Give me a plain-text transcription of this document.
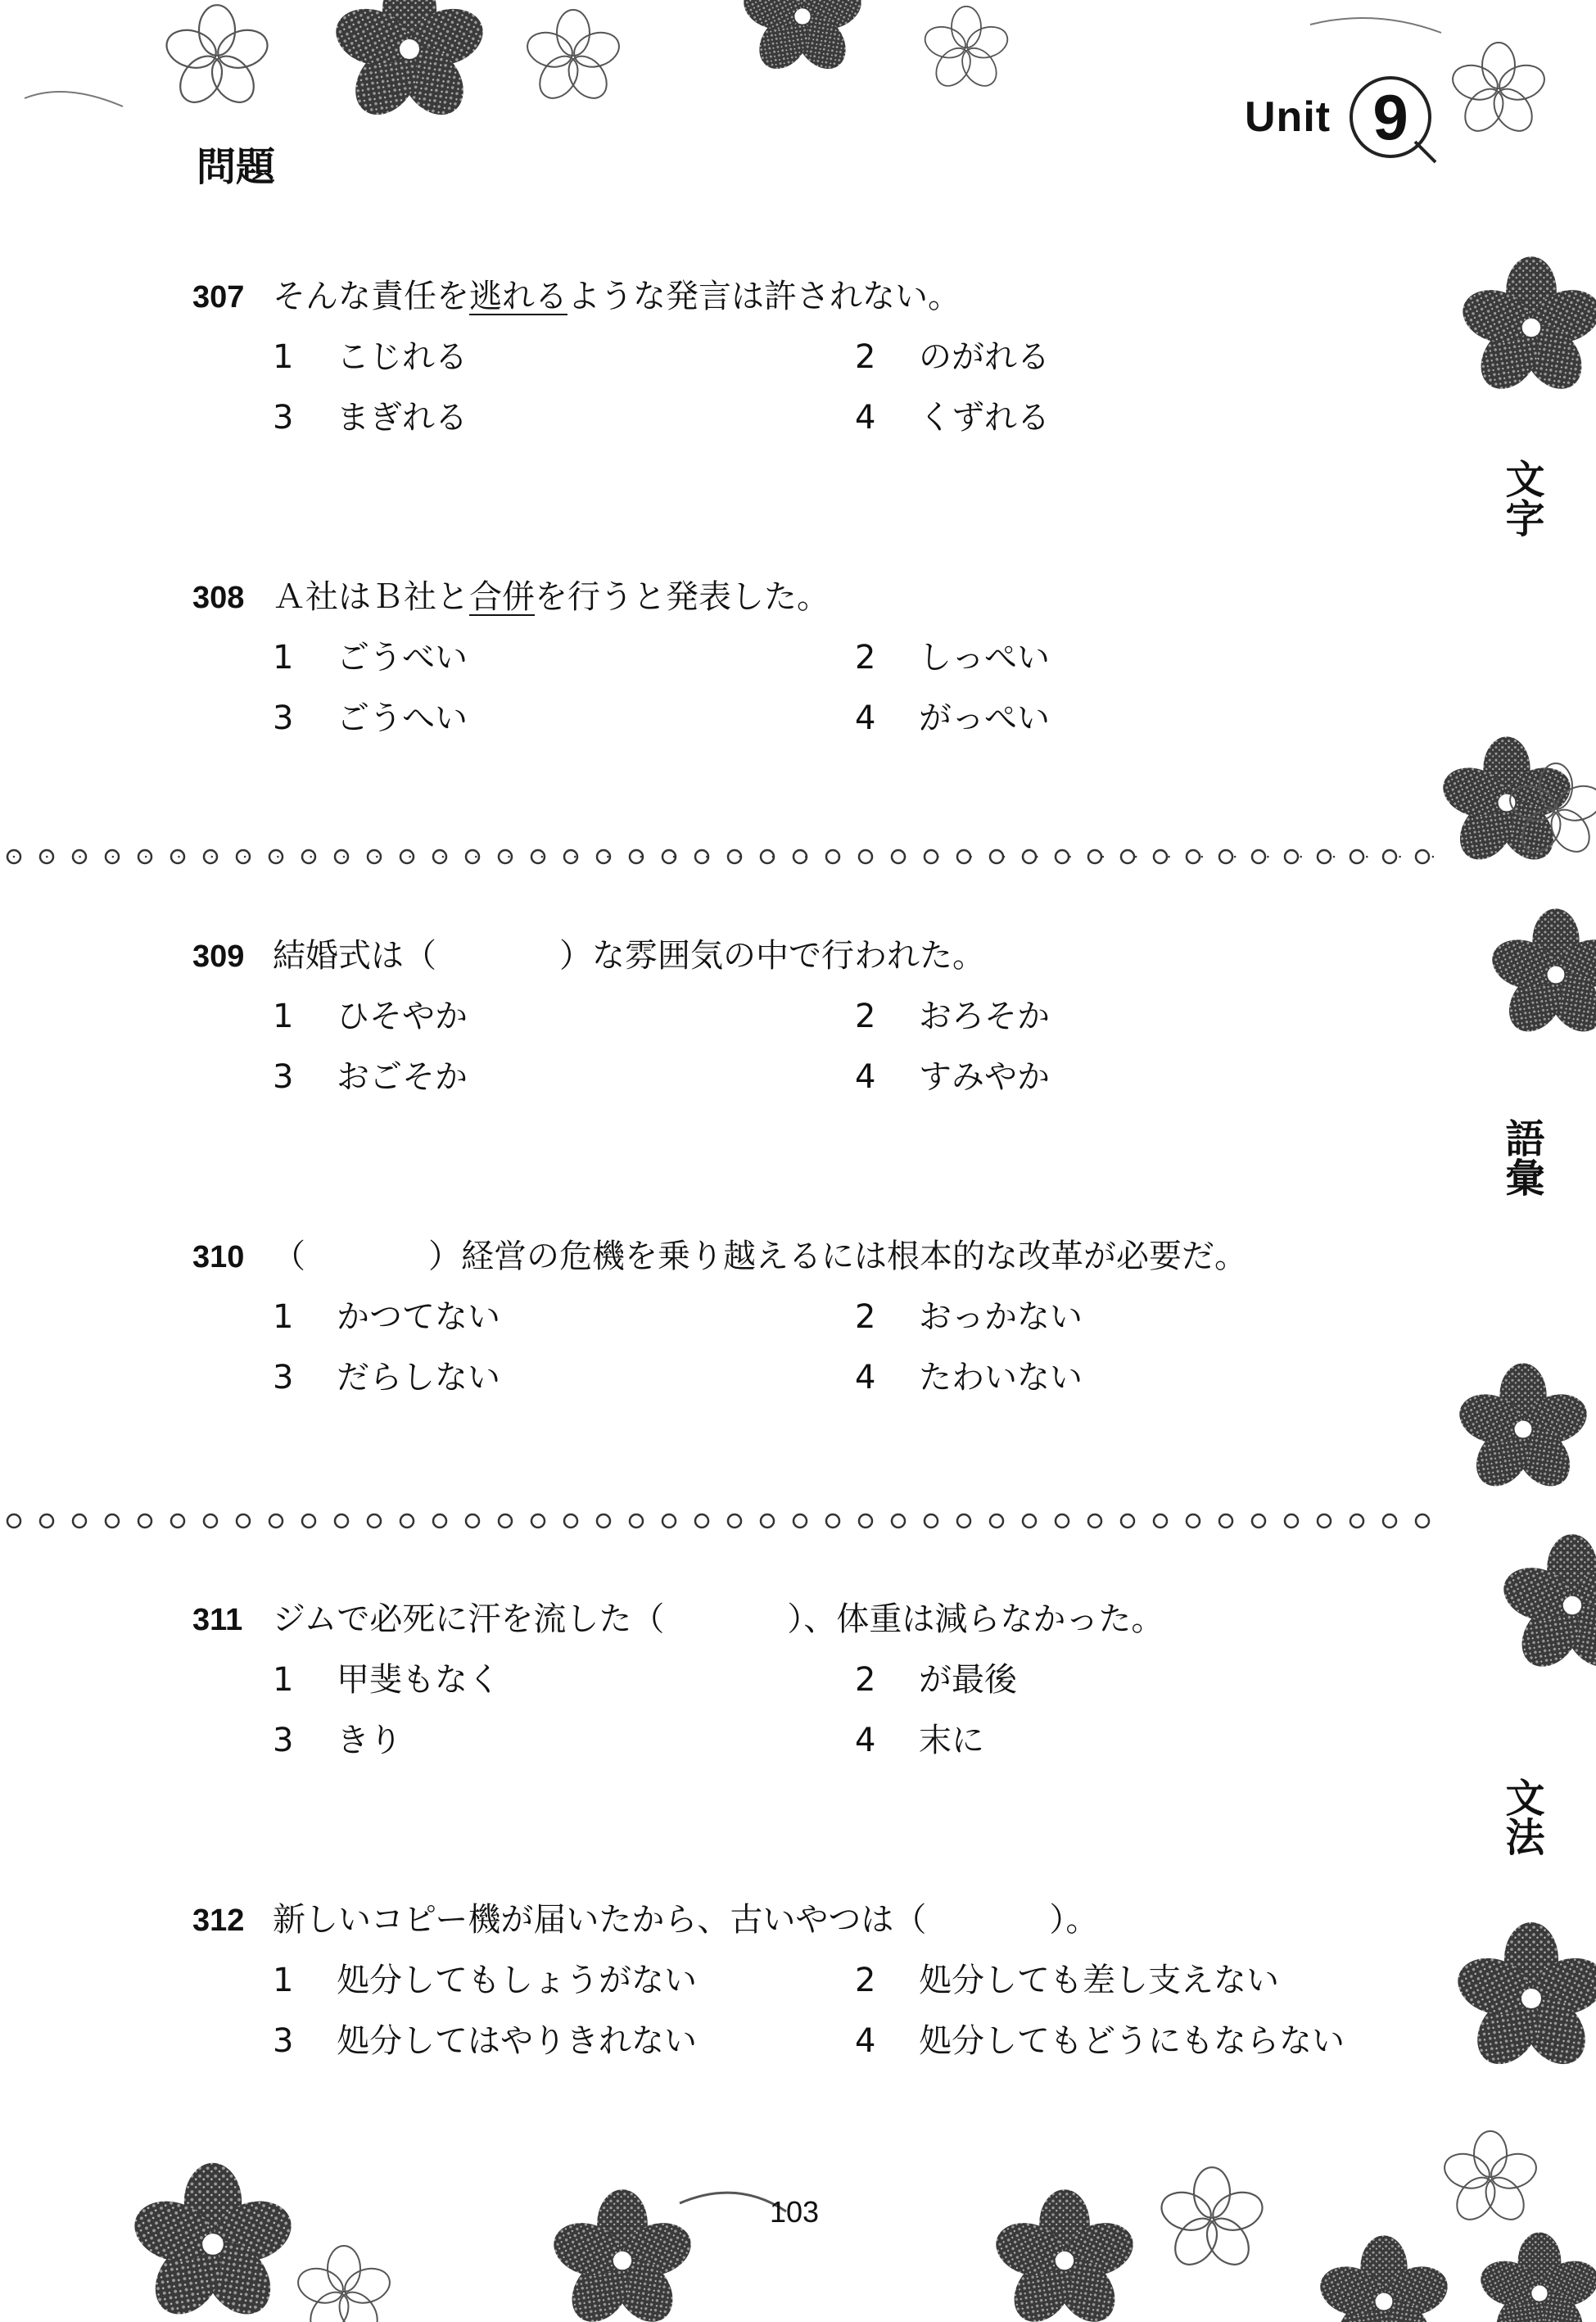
Unit 9
問題
文字
語彙
文法
307 そんな責任を逃れるような発言は許されない。
1 こじれる	2 のがれる
3 まぎれる	4 くずれる
308 Ａ社はＢ社と合併を行うと発表した。
1 ごうべい	2 しっぺい
3 ごうへい	4 がっぺい
309 結婚式は（	）な雰囲気の中で行われた。
1 ひそやか	2 おろそか
3 おごそか	4 すみやか
310 （	）経営の危機を乗り越えるには根本的な改革が必要だ。
1 かつてない	2 おっかない
3 だらしない	4 たわいない
311 ジムで必死に汗を流した（	）、体重は減らなかった。
1 甲斐もなく	2 が最後
3 きり	4 末に
312 新しいコピー機が届いたから、古いやつは（	）。
1 処分してもしょうがない	2 処分しても差し支えない
3 処分してはやりきれない	4 処分してもどうにもならない
103
